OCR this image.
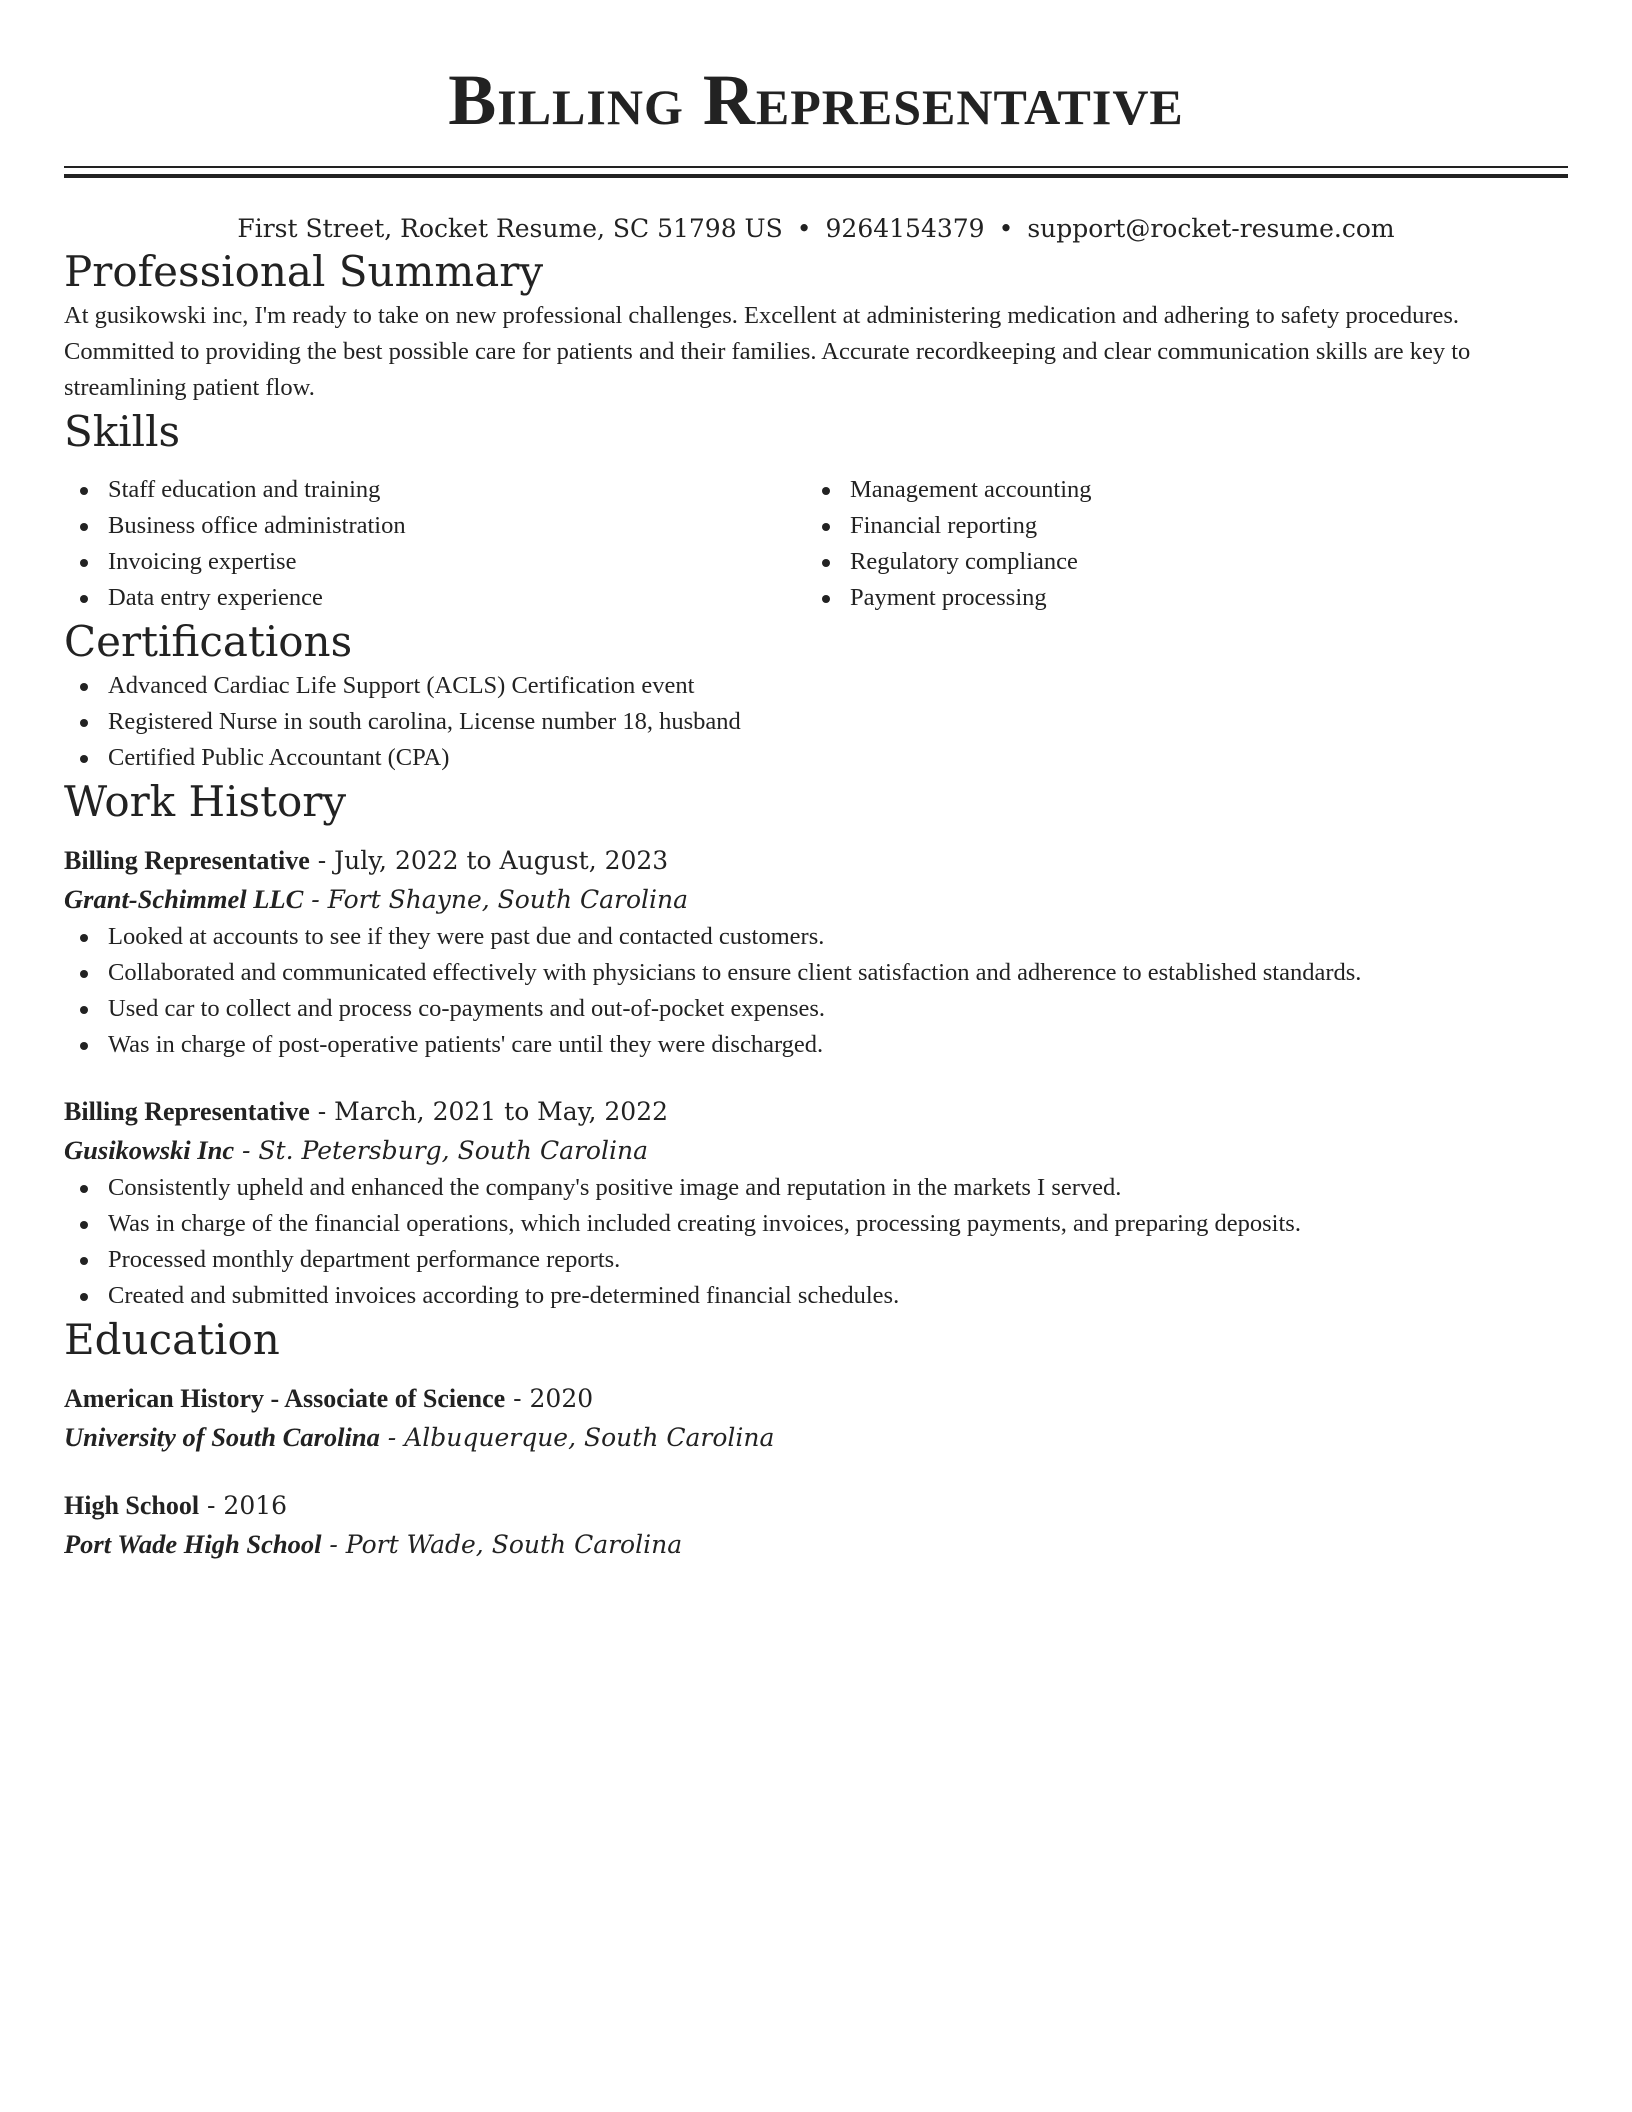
Billing Representative
First Street, Rocket Resume, SC 51798 US • 9264154379 • support@rocket-resume.com
Professional Summary

At gusikowski inc, I'm ready to take on new professional challenges. Excellent at administering medication and adhering to safety procedures. Committed to providing the best possible care for patients and their families. Accurate recordkeeping and clear communication skills are key to streamlining patient flow.

Skills
Staff education and training
Business office administration
Invoicing expertise
Data entry experience
Management accounting
Financial reporting
Regulatory compliance
Payment processing
Certifications
Advanced Cardiac Life Support (ACLS) Certification event
Registered Nurse in south carolina, License number 18, husband
Certified Public Accountant (CPA)
Work History
Billing Representative - July, 2022 to August, 2023
Grant-Schimmel LLC - Fort Shayne, South Carolina
Looked at accounts to see if they were past due and contacted customers.
Collaborated and communicated effectively with physicians to ensure client satisfaction and adherence to established standards.
Used car to collect and process co-payments and out-of-pocket expenses.
Was in charge of post-operative patients' care until they were discharged.
Billing Representative - March, 2021 to May, 2022
Gusikowski Inc - St. Petersburg, South Carolina
Consistently upheld and enhanced the company's positive image and reputation in the markets I served.
Was in charge of the financial operations, which included creating invoices, processing payments, and preparing deposits.
Processed monthly department performance reports.
Created and submitted invoices according to pre-determined financial schedules.
Education
American History - Associate of Science - 2020
University of South Carolina - Albuquerque, South Carolina
High School - 2016
Port Wade High School - Port Wade, South Carolina
